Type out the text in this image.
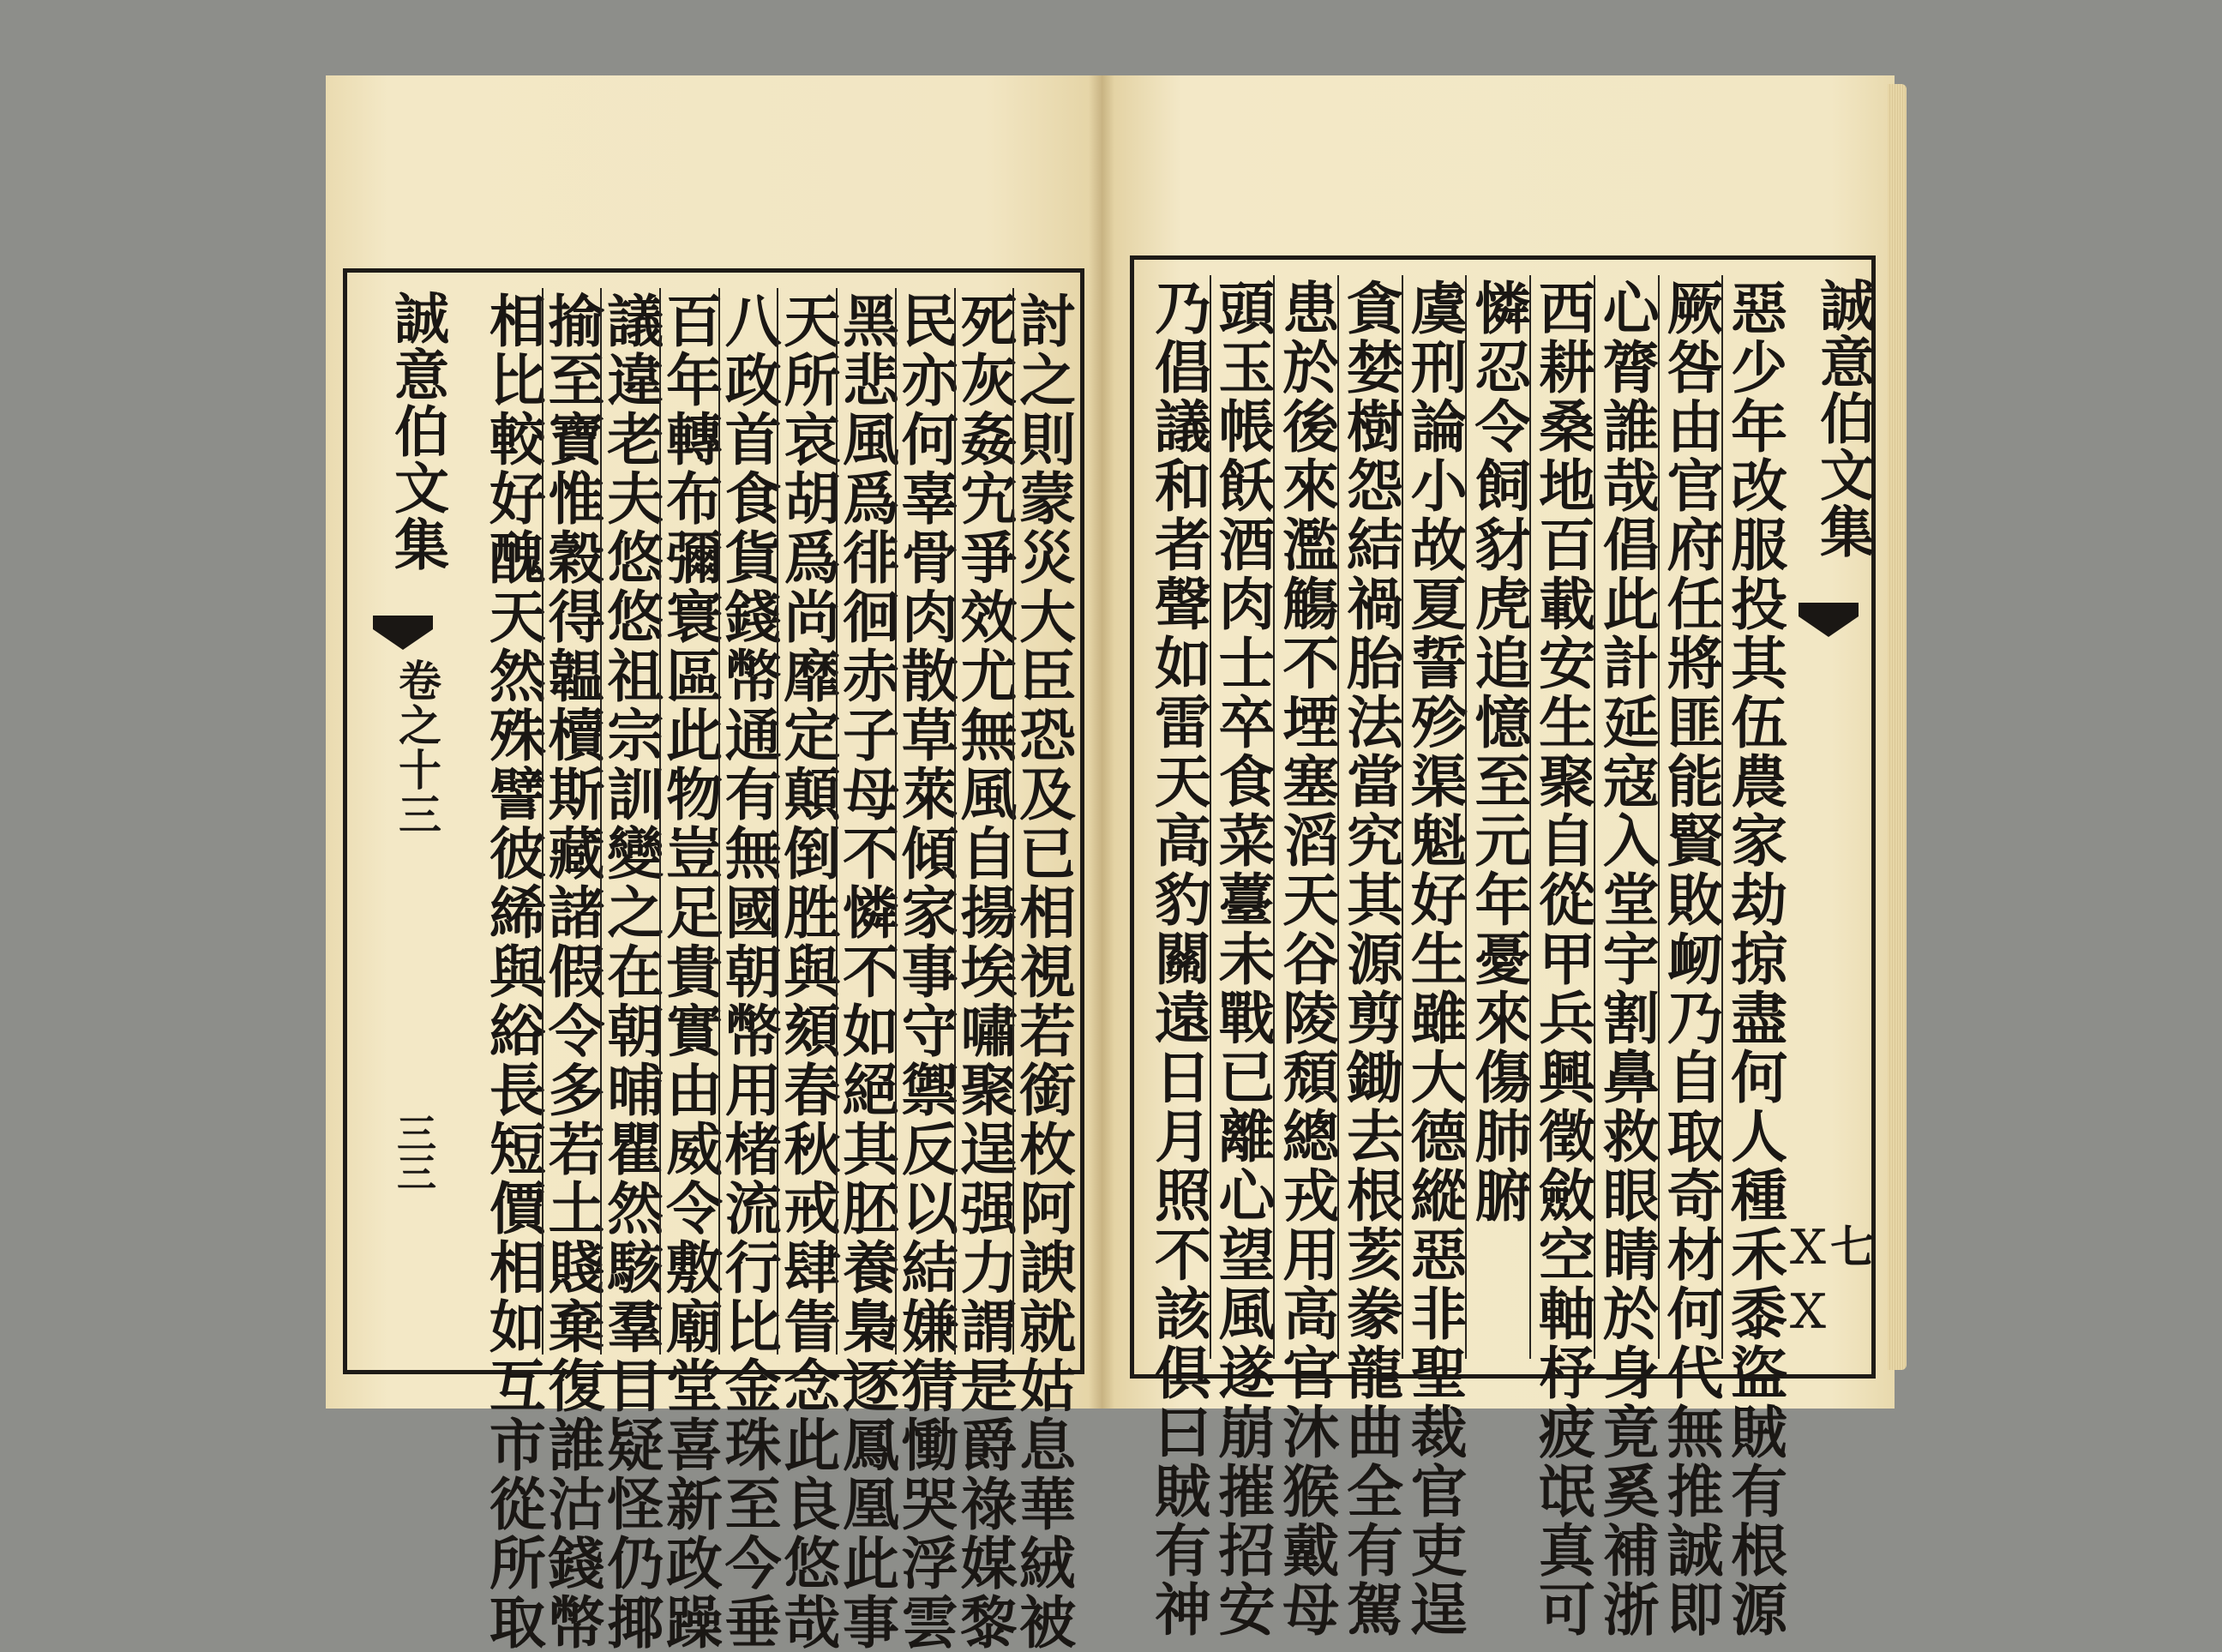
誠意伯文集
卷之十三
三三	討之則蒙災大臣恐及已相視若銜枚阿諛就姑息華絨被
死灰姦宄爭效尤無風自揚埃嘯聚逞强力謂是爵祿媒黎
民亦何辜骨肉散草萊傾家事守禦反以結嫌猜慟哭浮雲
黑悲風爲徘徊赤子母不憐不如絕其胚養梟逐鳳凰此事
天所哀胡爲尚靡定顛倒胜與頦春秋戒肆眚念此良悠哉
八政首食貨錢幣通有無國朝幣用楮流行比金珠至今垂
百年轉布彌寰區此物豈足貴實由威令敷廟堂喜新政躁
議違老夫悠悠祖宗訓變之在朝晡瞿然駭羣目疑怪仍揶
揄至寶惟穀得韞櫝斯藏諸假令多若土賤棄復誰沽錢幣
相比較好醜天然殊譬彼絺與綌長短價相如互市從所取	誠意伯文集
Ｘ七Ｘ
惡少年改服投其伍農家劫掠盡何人種禾黍盜賊有根源
厥咎由官府任將匪能賢敗衂乃自取奇材何代無推誠即
心膂誰哉倡此計延寇入堂宇割鼻救眼睛於身竟奚補浙
西耕桑地百載安生聚自從甲兵興徵斂空軸杼疲氓真可
憐忍令飼豺虎追憶至元年憂來傷肺腑
虞刑論小故夏誓殄渠魁好生雖大德縱惡非聖裁官吏逞
貪婪樹怨結禍胎法當究其源剪鋤去根荄豢龍曲全有駕
患於後來濫觴不堙塞滔天谷陵頹總戎用高官沐猴戴母
頭玉帳飫酒肉士卒食菜薹未戰已離心望風遂崩摧招安
乃倡議和者聲如雷天高豹關遠日月照不該俱曰賊有神
